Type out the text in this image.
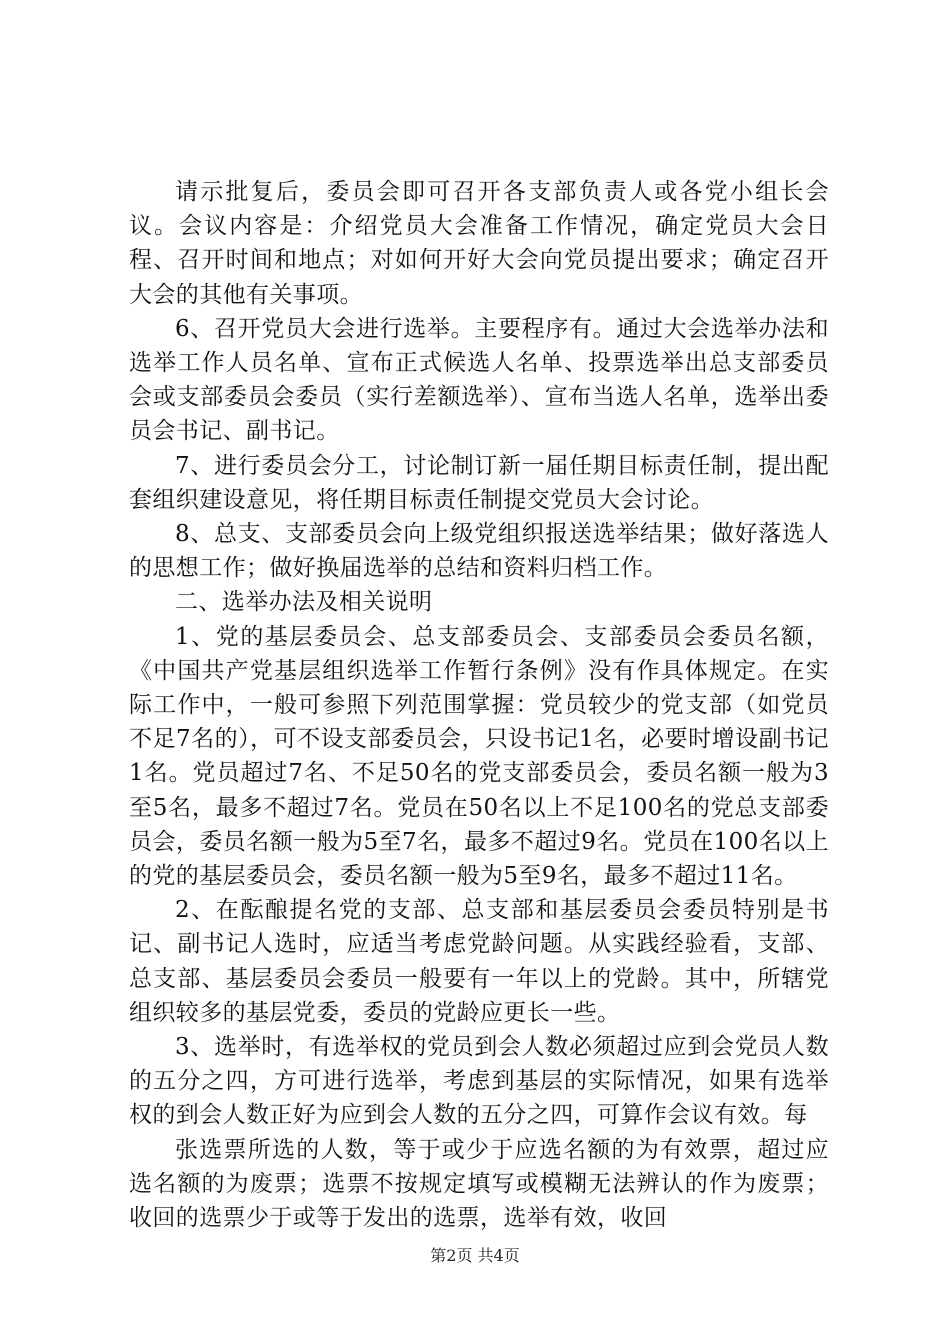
请示批复后，委员会即可召开各支部负责人或各党小组长会议。会议内容是：介绍党员大会准备工作情况，确定党员大会日程、召开时间和地点；对如何开好大会向党员提出要求；确定召开大会的其他有关事项。

6、召开党员大会进行选举。主要程序有。通过大会选举办法和选举工作人员名单、宣布正式候选人名单、投票选举出总支部委员会或支部委员会委员（实行差额选举）、宣布当选人名单，选举出委员会书记、副书记。

7、进行委员会分工，讨论制订新一届任期目标责任制，提出配套组织建设意见，将任期目标责任制提交党员大会讨论。

8、总支、支部委员会向上级党组织报送选举结果；做好落选人的思想工作；做好换届选举的总结和资料归档工作。

二、选举办法及相关说明

1、党的基层委员会、总支部委员会、支部委员会委员名额，《中国共产党基层组织选举工作暂行条例》没有作具体规定。在实际工作中，一般可参照下列范围掌握：党员较少的党支部（如党员不足7名的），可不设支部委员会，只设书记1名，必要时增设副书记1名。党员超过7名、不足50名的党支部委员会，委员名额一般为3至5名，最多不超过7名。党员在50名以上不足100名的党总支部委员会，委员名额一般为5至7名，最多不超过9名。党员在100名以上的党的基层委员会，委员名额一般为5至9名，最多不超过11名。

2、在酝酿提名党的支部、总支部和基层委员会委员特别是书记、副书记人选时，应适当考虑党龄问题。从实践经验看，支部、总支部、基层委员会委员一般要有一年以上的党龄。其中，所辖党组织较多的基层党委，委员的党龄应更长一些。

3、选举时，有选举权的党员到会人数必须超过应到会党员人数的五分之四，方可进行选举，考虑到基层的实际情况，如果有选举权的到会人数正好为应到会人数的五分之四，可算作会议有效。每

张选票所选的人数，等于或少于应选名额的为有效票，超过应选名额的为废票；选票不按规定填写或模糊无法辨认的作为废票；收回的选票少于或等于发出的选票，选举有效，收回

第2页 共4页
